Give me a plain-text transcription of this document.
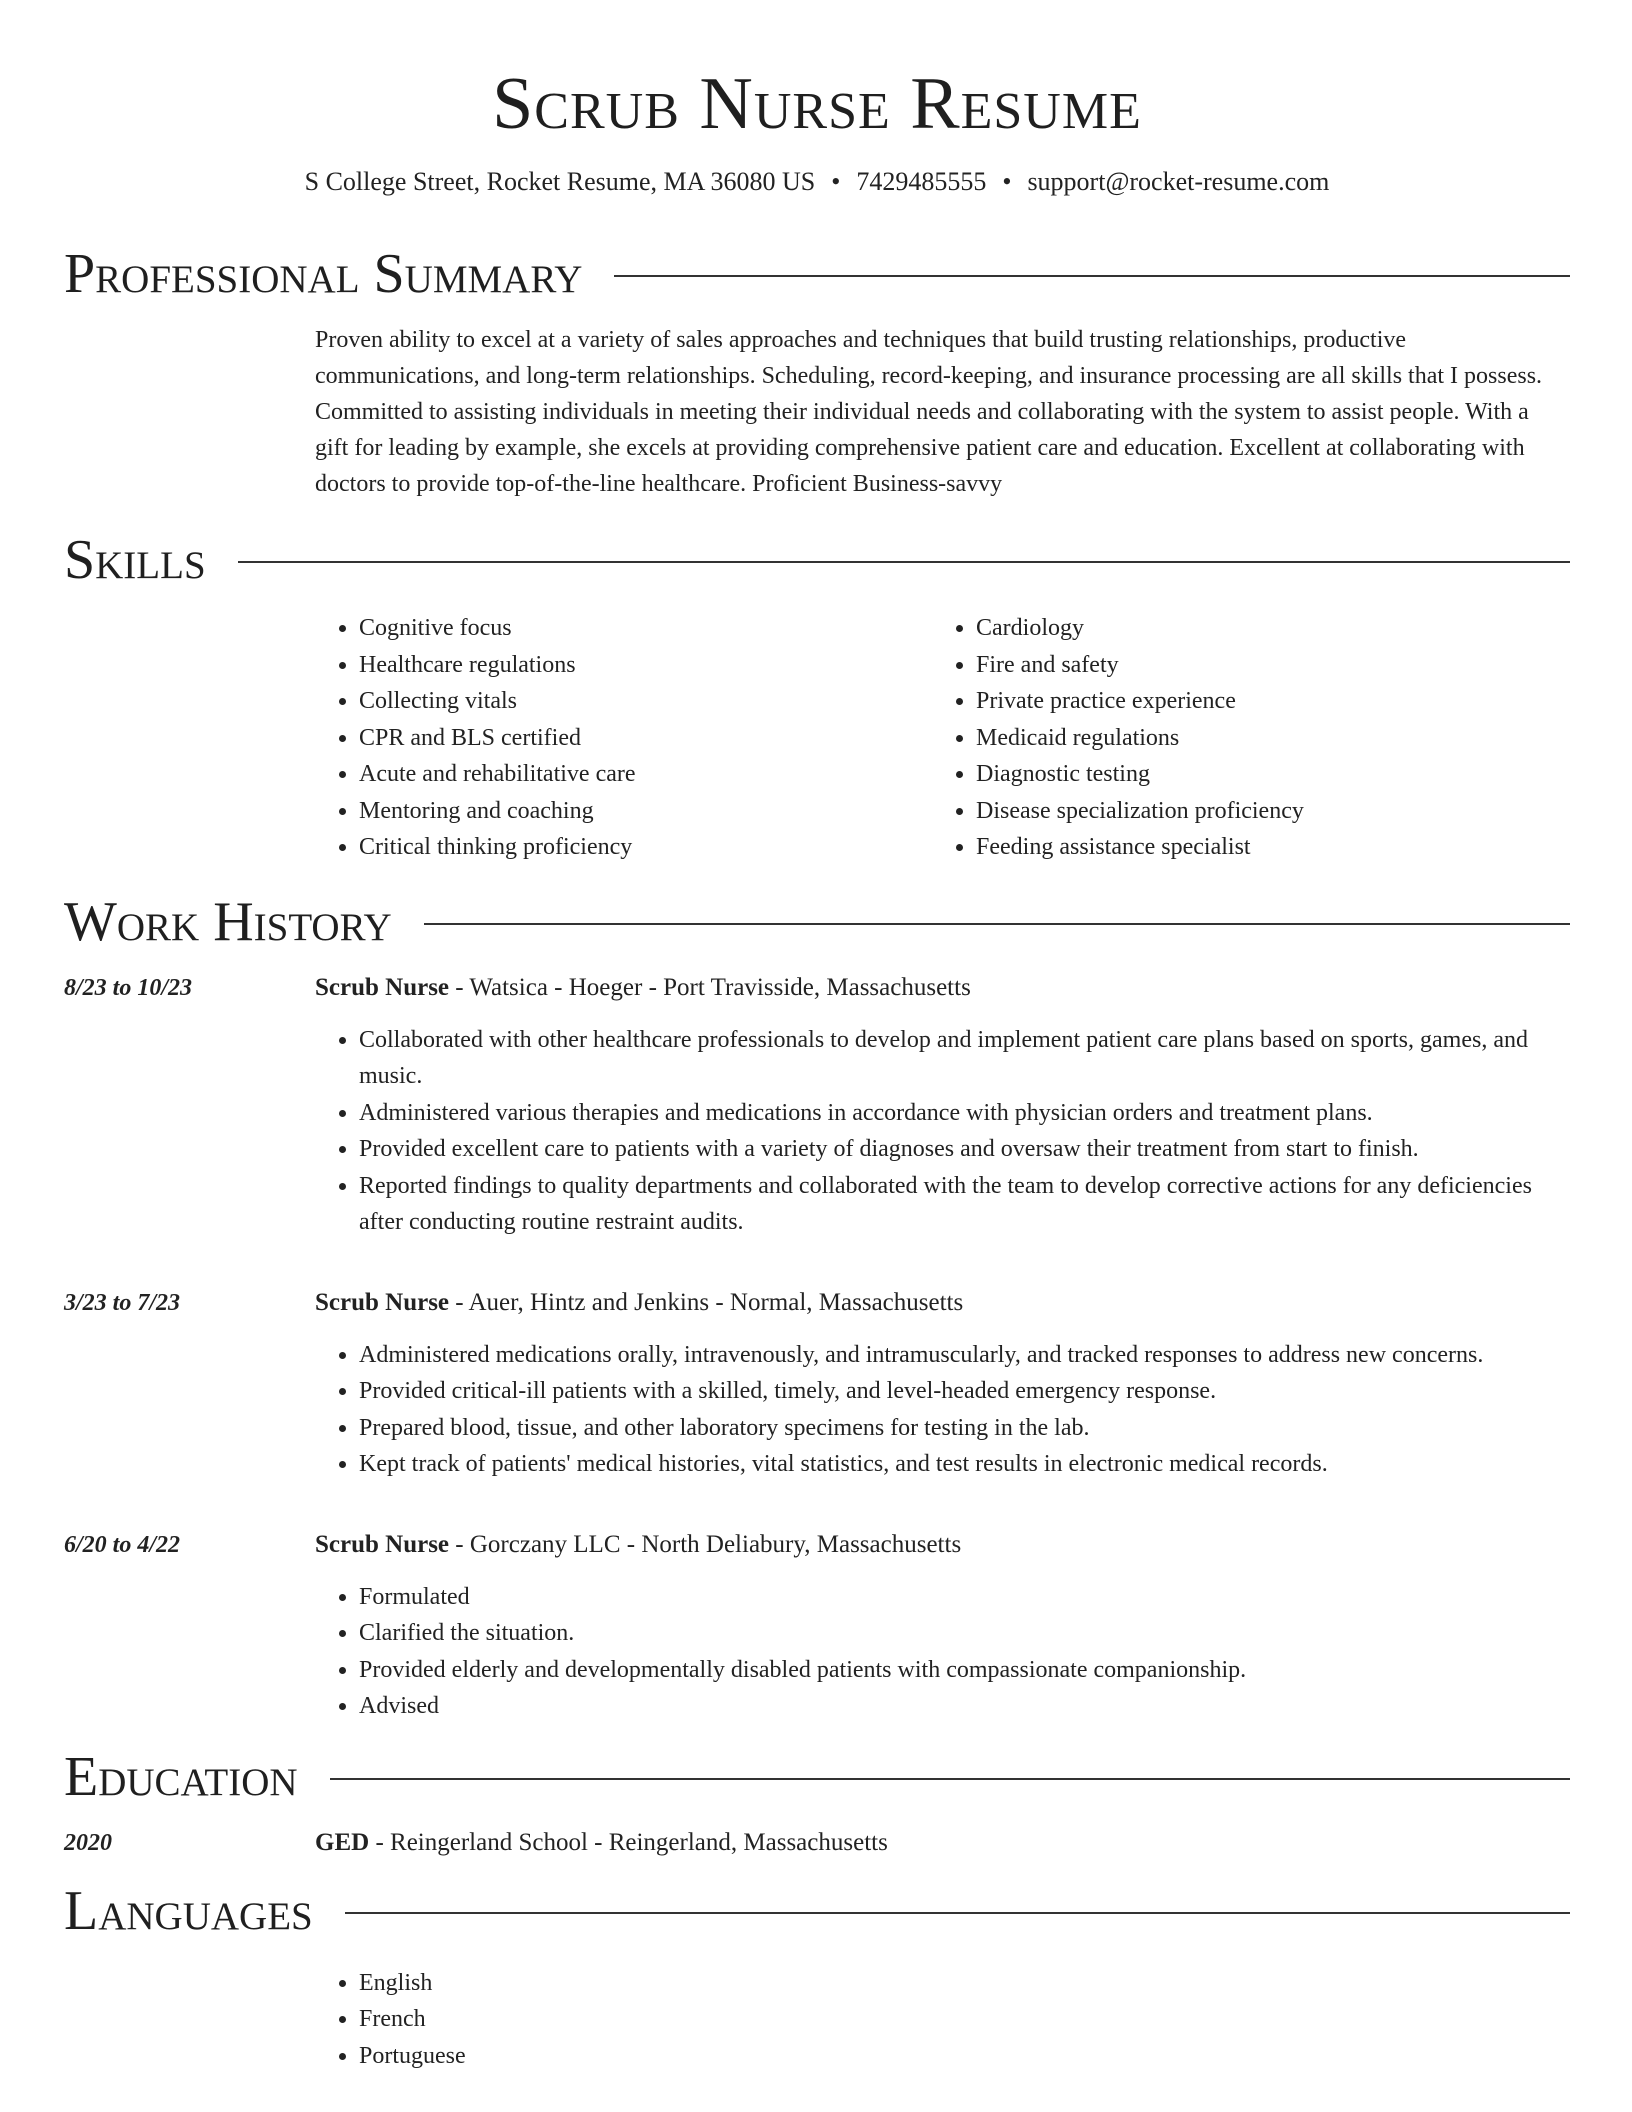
Scrub Nurse Resume
S College Street, Rocket Resume, MA 36080 US • 7429485555 • support@rocket-resume.com
Professional Summary
Proven ability to excel at a variety of sales approaches and techniques that build trusting relationships, productive communications, and long-term relationships. Scheduling, record-keeping, and insurance processing are all skills that I possess. Committed to assisting individuals in meeting their individual needs and collaborating with the system to assist people. With a gift for leading by example, she excels at providing comprehensive patient care and education. Excellent at collaborating with doctors to provide top-of-the-line healthcare. Proficient Business-savvy
Skills
• Cognitive focus
• Healthcare regulations
• Collecting vitals
• CPR and BLS certified
• Acute and rehabilitative care
• Mentoring and coaching
• Critical thinking proficiency
• Cardiology
• Fire and safety
• Private practice experience
• Medicaid regulations
• Diagnostic testing
• Disease specialization proficiency
• Feeding assistance specialist
Work History
8/23 to 10/23	Scrub Nurse - Watsica - Hoeger - Port Travisside, Massachusetts
• Collaborated with other healthcare professionals to develop and implement patient care plans based on sports, games, and music.
• Administered various therapies and medications in accordance with physician orders and treatment plans.
• Provided excellent care to patients with a variety of diagnoses and oversaw their treatment from start to finish.
• Reported findings to quality departments and collaborated with the team to develop corrective actions for any deficiencies after conducting routine restraint audits.
3/23 to 7/23	Scrub Nurse - Auer, Hintz and Jenkins - Normal, Massachusetts
• Administered medications orally, intravenously, and intramuscularly, and tracked responses to address new concerns.
• Provided critical-ill patients with a skilled, timely, and level-headed emergency response.
• Prepared blood, tissue, and other laboratory specimens for testing in the lab.
• Kept track of patients' medical histories, vital statistics, and test results in electronic medical records.
6/20 to 4/22	Scrub Nurse - Gorczany LLC - North Deliabury, Massachusetts
• Formulated
• Clarified the situation.
• Provided elderly and developmentally disabled patients with compassionate companionship.
• Advised
Education
2020	GED - Reingerland School - Reingerland, Massachusetts
Languages
• English
• French
• Portuguese
